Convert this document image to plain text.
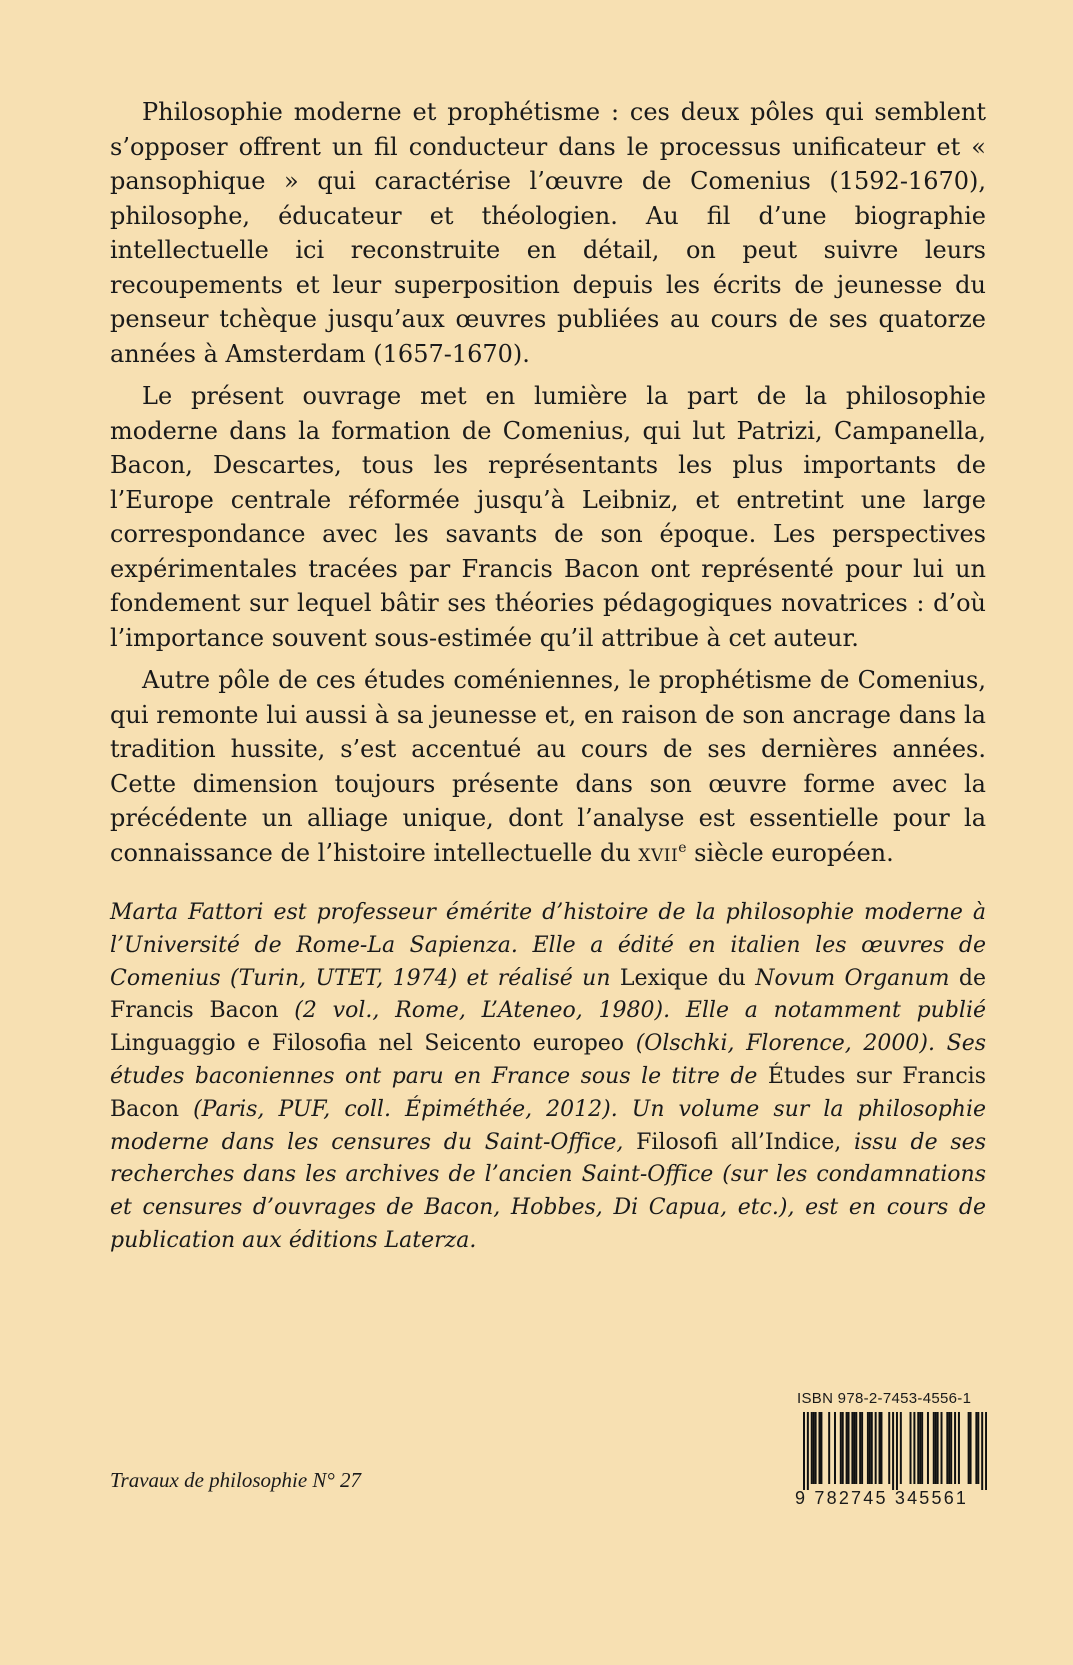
Philosophie moderne et prophétisme : ces deux pôles qui semblent s’opposer offrent un fil conducteur dans le processus unificateur et « pansophique » qui caractérise l’œuvre de Comenius (1592-1670), philosophe, éducateur et théologien. Au fil d’une biographie intellectuelle ici reconstruite en détail, on peut suivre leurs recoupements et leur superposition depuis les écrits de jeunesse du penseur tchèque jusqu’aux œuvres publiées au cours de ses quatorze années à Amsterdam (1657-1670).

Le présent ouvrage met en lumière la part de la philosophie moderne dans la formation de Comenius, qui lut Patrizi, Campanella, Bacon, Descartes, tous les représentants les plus importants de l’Europe centrale réformée jusqu’à Leibniz, et entretint une large correspondance avec les savants de son époque. Les perspectives expérimentales tracées par Francis Bacon ont représenté pour lui un fondement sur lequel bâtir ses théories pédagogiques novatrices : d’où l’importance souvent sous-estimée qu’il attribue à cet auteur.

Autre pôle de ces études coméniennes, le prophétisme de Comenius, qui remonte lui aussi à sa jeunesse et, en raison de son ancrage dans la tradition hussite, s’est accentué au cours de ses dernières années. Cette dimension toujours présente dans son œuvre forme avec la précédente un alliage unique, dont l’analyse est essentielle pour la connaissance de l’histoire intellectuelle du xvii$^e$ siècle européen.

Marta Fattori est professeur émérite d’histoire de la philosophie moderne à l’Université de Rome-La Sapienza. Elle a édité en italien les œuvres de Comenius (Turin, UTET, 1974) et réalisé un Lexique du Novum Organum de Francis Bacon (2 vol., Rome, L’Ateneo, 1980). Elle a notamment publié Linguaggio e Filosofia nel Seicento europeo (Olschki, Florence, 2000). Ses études baconiennes ont paru en France sous le titre de Études sur Francis Bacon (Paris, PUF, coll. Épiméthée, 2012). Un volume sur la philosophie moderne dans les censures du Saint-Office, Filosofi all’Indice, issu de ses recherches dans les archives de l’ancien Saint-Office (sur les condamnations et censures d’ouvrages de Bacon, Hobbes, Di Capua, etc.), est en cours de publication aux éditions Laterza.

Travaux de philosophie N° 27
ISBN 978-2-7453-4556-1
9 782745 345561
